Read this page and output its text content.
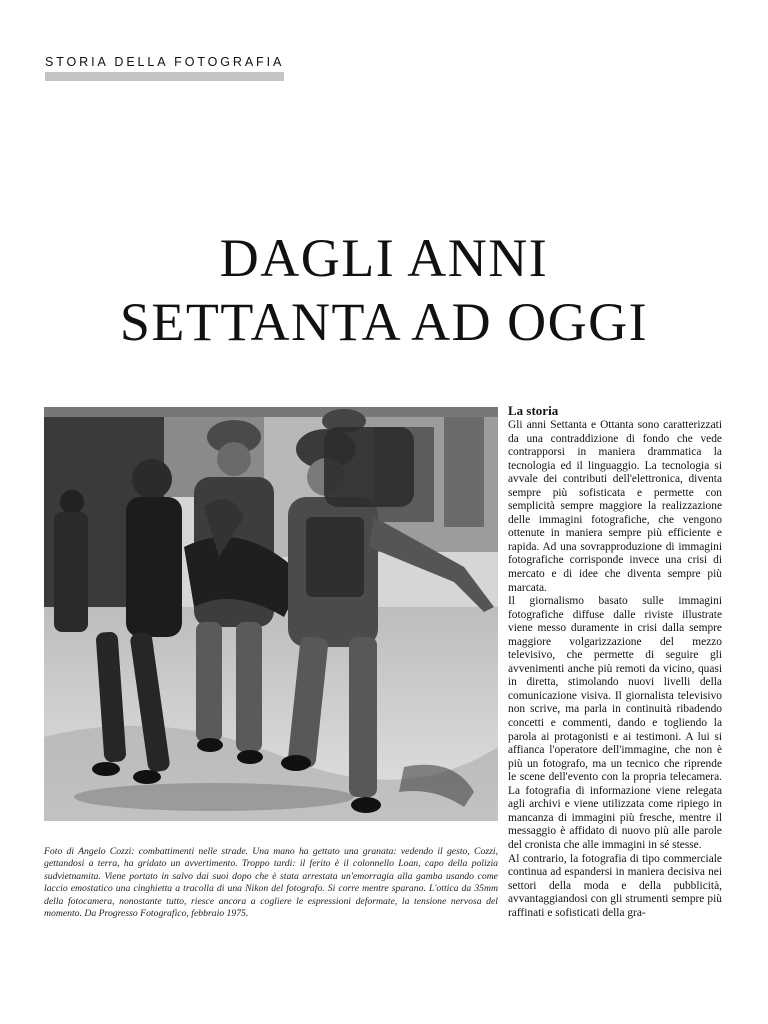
STORIA DELLA FOTOGRAFIA
DAGLI ANNI
SETTANTA AD OGGI

Foto di Angelo Cozzi: combattimenti nelle strade. Una mano ha gettato una granata: vedendo il gesto, Cozzi, gettandosi a terra, ha gridato un avvertimento. Troppo tardi: il ferito è il colonnello Loan, capo della polizia sudvietnamita. Viene portato in salvo dai suoi dopo che è stata arrestata un'emorragia alla gamba usando come laccio emostatico una cinghietta a tracolla di una Nikon del fotografo. Si corre mentre sparano. L'ottica da 35mm della fotocamera, nonostante tutto, riesce ancora a cogliere le espressioni deformate, la tensione nervosa del momento. Da Progresso Fotografico, febbraio 1975.

La storia

Gli anni Settanta e Ottanta sono caratterizzati da una contraddizione di fondo che vede contrapporsi in maniera drammatica la tecnologia ed il linguaggio. La tecnologia si avvale dei contributi dell'elettronica, diventa sempre più sofisticata e permette con semplicità sempre maggiore la realizzazione delle immagini fotografiche, che vengono ottenute in maniera sempre più efficiente e rapida. Ad una sovrapproduzione di immagini fotografiche corrisponde invece una crisi di mercato e di idee che diventa sempre più marcata.

Il giornalismo basato sulle immagini fotografiche diffuse dalle riviste illustrate viene messo duramente in crisi dalla sempre maggiore volgarizzazione del mezzo televisivo, che permette di seguire gli avvenimenti anche più remoti da vicino, quasi in diretta, stimolando nuovi livelli della comunicazione visiva. Il giornalista televisivo non scrive, ma parla in continuità ribadendo concetti e commenti, dando e togliendo la parola ai protagonisti e ai testimoni. A lui si affianca l'operatore dell'immagine, che non è più un fotografo, ma un tecnico che riprende le scene dell'evento con la propria telecamera. La fotografia di informazione viene relegata agli archivi e viene utilizzata come ripiego in mancanza di immagini più fresche, mentre il messaggio è affidato di nuovo più alle parole del cronista che alle immagini in sé stesse.

Al contrario, la fotografia di tipo commerciale continua ad espandersi in maniera decisiva nei settori della moda e della pubblicità, avvantaggiandosi con gli strumenti sempre più raffinati e sofisticati della gra-
